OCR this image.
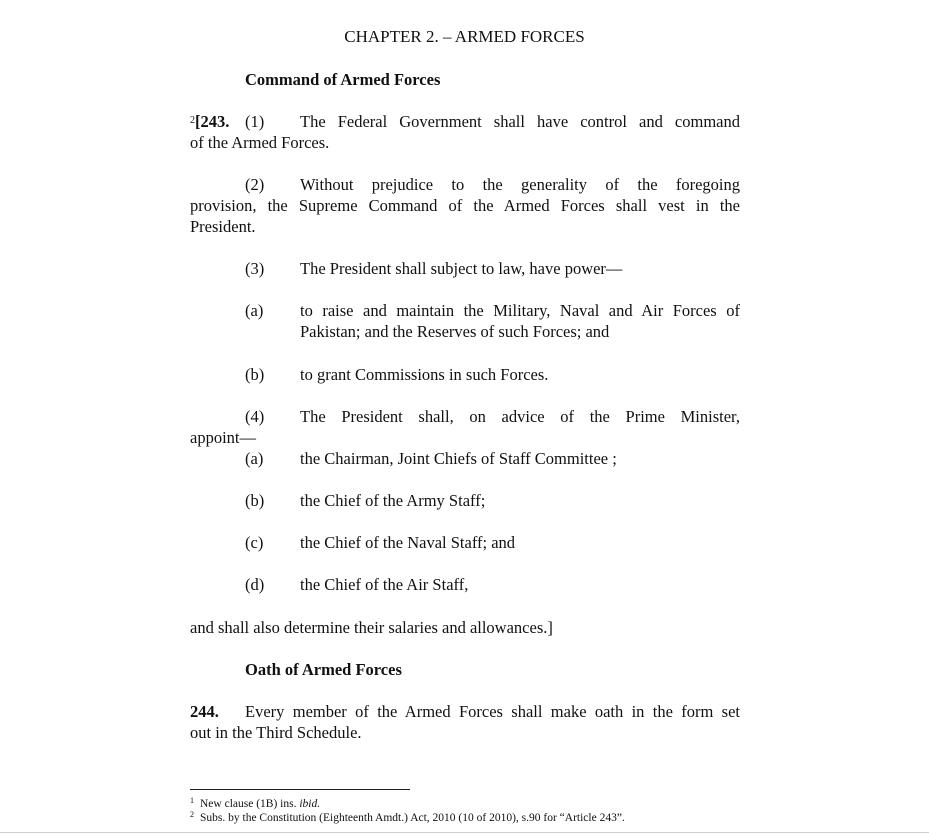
CHAPTER 2. – ARMED FORCES
Command of Armed Forces
$^2$[243. (1) The Federal Government shall have control and command
of the Armed Forces.
(2) Without prejudice to the generality of the foregoing
provision, the Supreme Command of the Armed Forces shall vest in the
President.
(3) The President shall subject to law, have power—
(a) to raise and maintain the Military, Naval and Air Forces of
Pakistan; and the Reserves of such Forces; and
(b) to grant Commissions in such Forces.
(4) The President shall, on advice of the Prime Minister,
appoint—
(a) the Chairman, Joint Chiefs of Staff Committee ;
(b) the Chief of the Army Staff;
(c) the Chief of the Naval Staff; and
(d) the Chief of the Air Staff,
and shall also determine their salaries and allowances.]
Oath of Armed Forces
244. Every member of the Armed Forces shall make oath in the form set
out in the Third Schedule.
$^1$ New clause (1B) ins. ibid.
$^2$ Subs. by the Constitution (Eighteenth Amdt.) Act, 2010 (10 of 2010), s.90 for “Article 243”.
